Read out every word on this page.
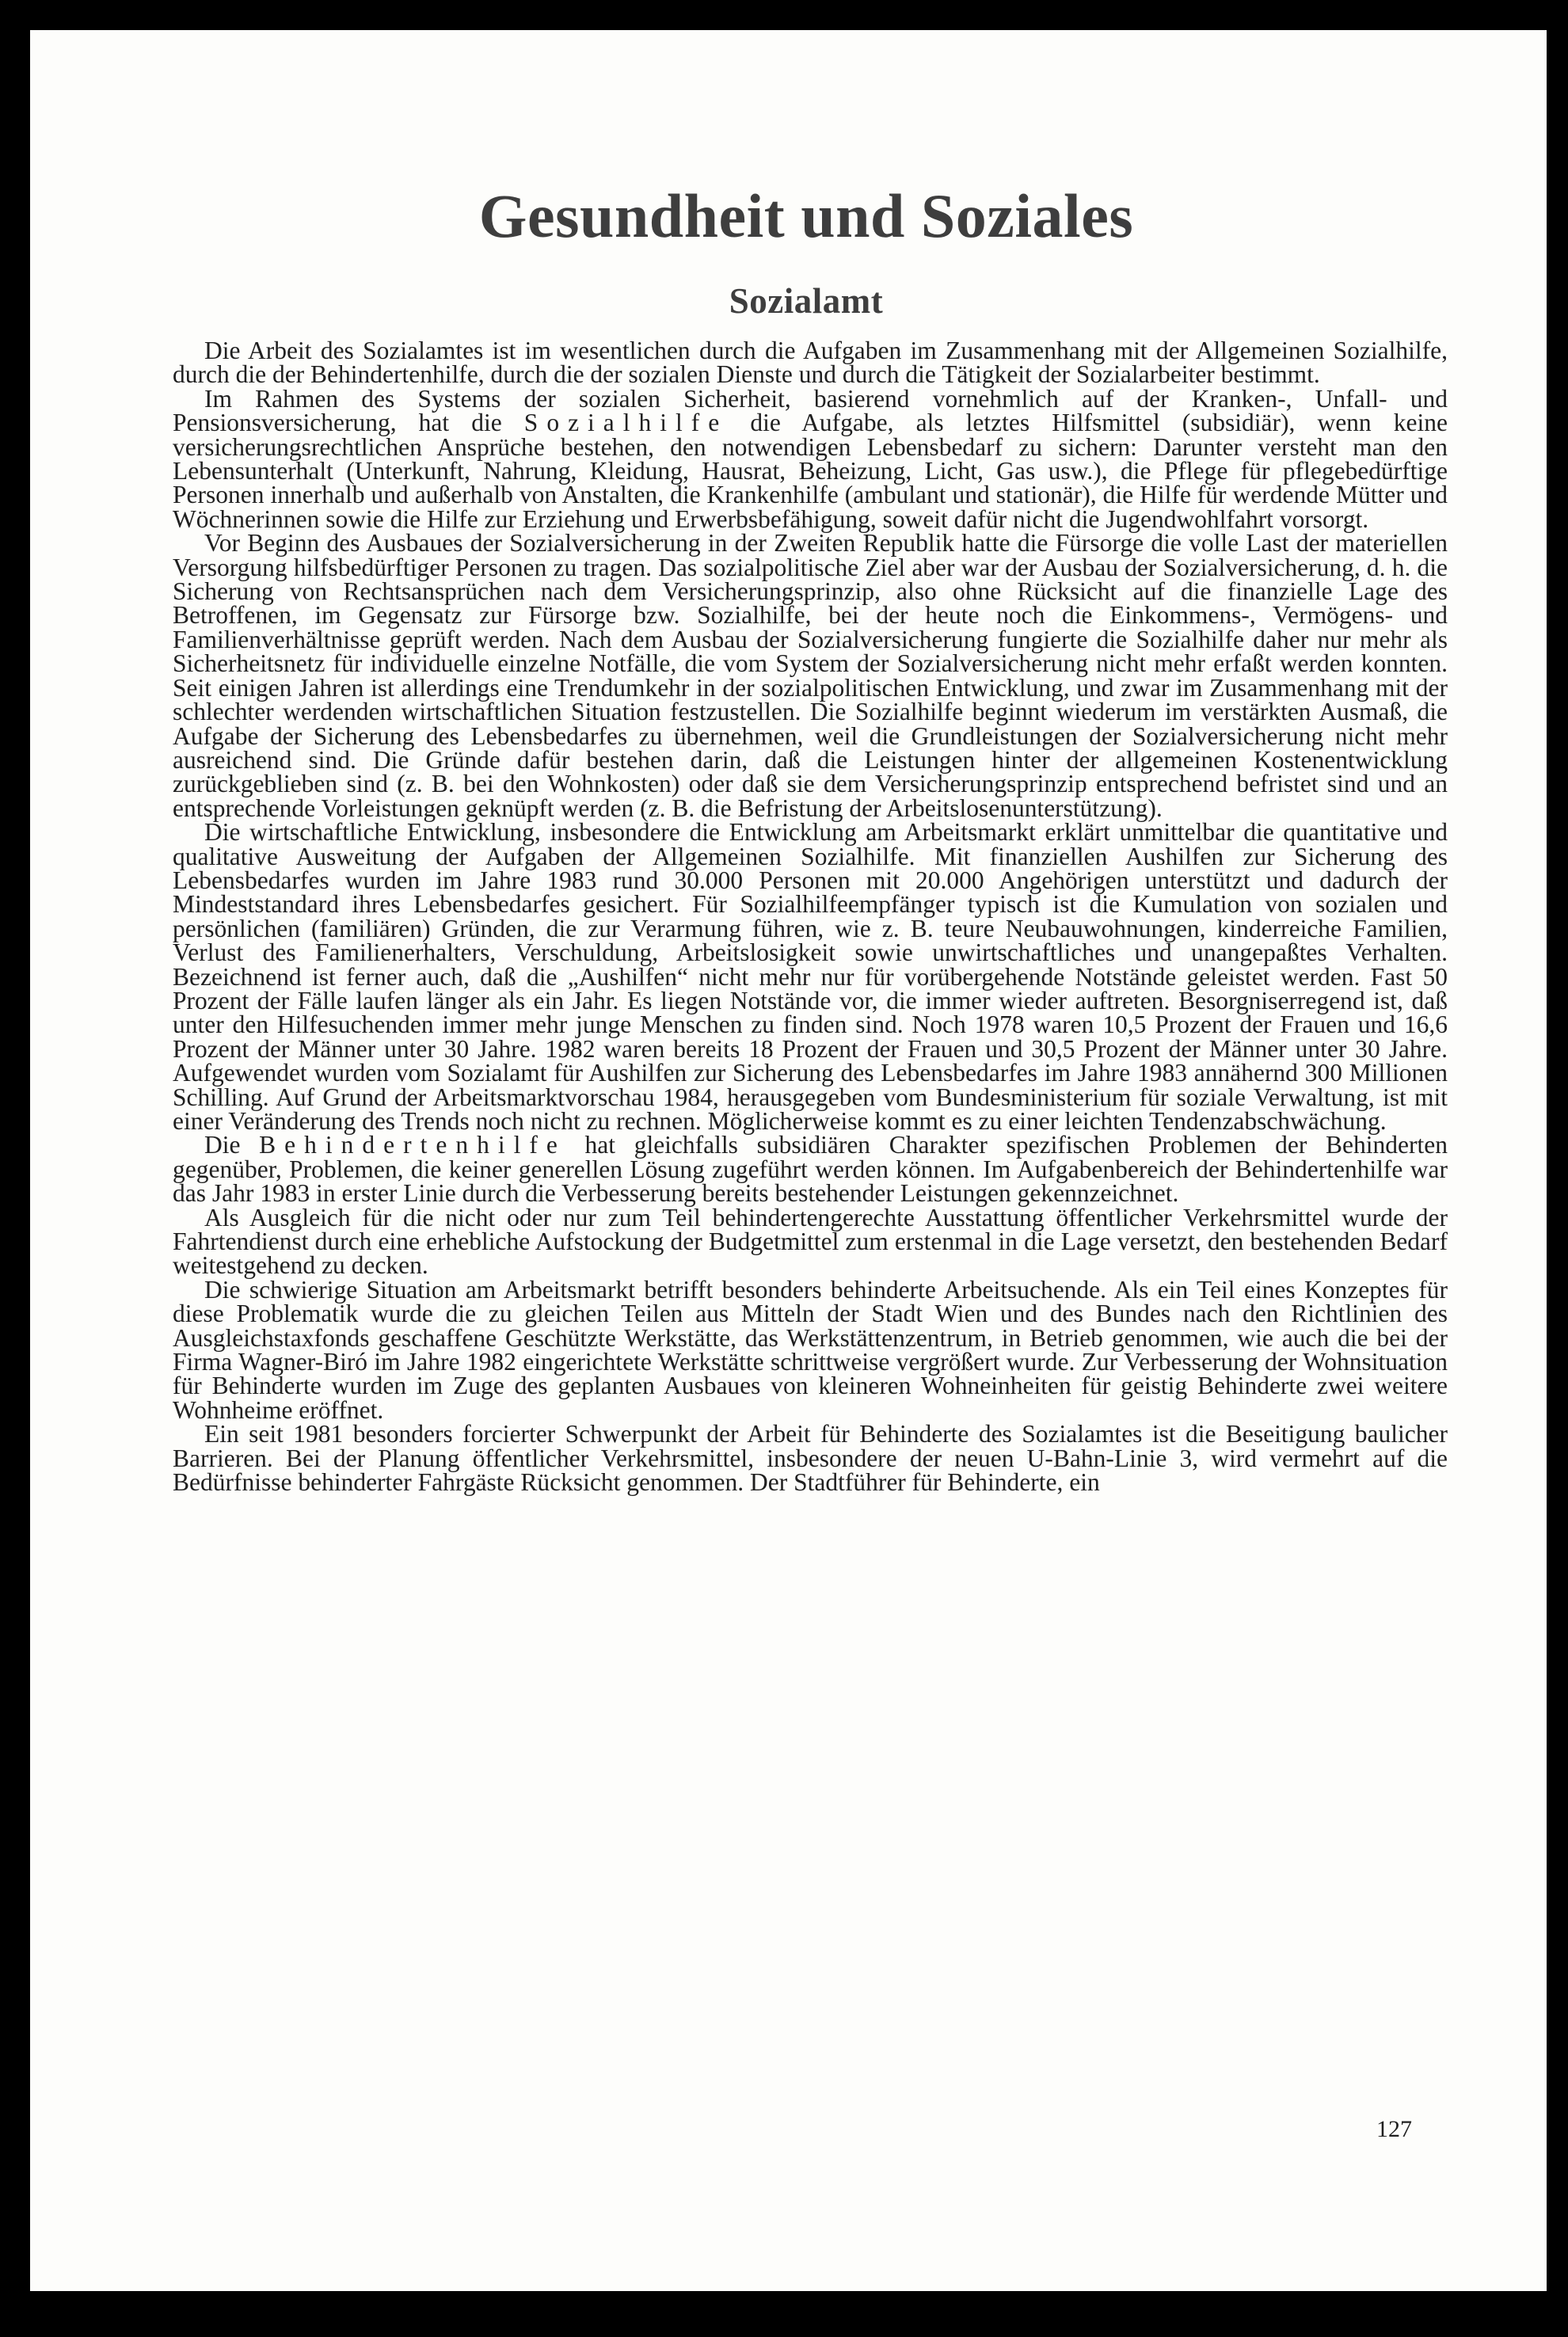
Gesundheit und Soziales
Sozialamt

Die Arbeit des Sozialamtes ist im wesentlichen durch die Aufgaben im Zusammenhang mit der Allgemeinen Sozialhilfe, durch die der Behindertenhilfe, durch die der sozialen Dienste und durch die Tätigkeit der Sozialarbeiter bestimmt.

Im Rahmen des Systems der sozialen Sicherheit, basierend vornehmlich auf der Kranken-, Unfall- und Pensionsversicherung, hat die Sozialhilfe die Aufgabe, als letztes Hilfsmittel (subsidiär), wenn keine versicherungsrechtlichen Ansprüche bestehen, den notwendigen Lebensbedarf zu sichern: Darunter versteht man den Lebensunterhalt (Unterkunft, Nahrung, Kleidung, Hausrat, Beheizung, Licht, Gas usw.), die Pflege für pflegebedürftige Personen innerhalb und außerhalb von Anstalten, die Krankenhilfe (ambulant und stationär), die Hilfe für werdende Mütter und Wöchnerinnen sowie die Hilfe zur Erziehung und Erwerbsbefähigung, soweit dafür nicht die Jugendwohlfahrt vorsorgt.

Vor Beginn des Ausbaues der Sozialversicherung in der Zweiten Republik hatte die Fürsorge die volle Last der materiellen Versorgung hilfsbedürftiger Personen zu tragen. Das sozialpolitische Ziel aber war der Ausbau der Sozialversicherung, d. h. die Sicherung von Rechtsansprüchen nach dem Versicherungsprinzip, also ohne Rücksicht auf die finanzielle Lage des Betroffenen, im Gegensatz zur Fürsorge bzw. Sozialhilfe, bei der heute noch die Einkommens-, Vermögens- und Familienverhältnisse geprüft werden. Nach dem Ausbau der Sozialversicherung fungierte die Sozialhilfe daher nur mehr als Sicherheitsnetz für individuelle einzelne Notfälle, die vom System der Sozialversicherung nicht mehr erfaßt werden konnten. Seit einigen Jahren ist allerdings eine Trendumkehr in der sozialpolitischen Entwicklung, und zwar im Zusammenhang mit der schlechter werdenden wirtschaftlichen Situation festzustellen. Die Sozialhilfe beginnt wiederum im verstärkten Ausmaß, die Aufgabe der Sicherung des Lebensbedarfes zu übernehmen, weil die Grundleistungen der Sozialversicherung nicht mehr ausreichend sind. Die Gründe dafür bestehen darin, daß die Leistungen hinter der allgemeinen Kostenentwicklung zurückgeblieben sind (z. B. bei den Wohnkosten) oder daß sie dem Versicherungsprinzip entsprechend befristet sind und an entsprechende Vorleistungen geknüpft werden (z. B. die Befristung der Arbeitslosenunterstützung).

Die wirtschaftliche Entwicklung, insbesondere die Entwicklung am Arbeitsmarkt erklärt unmittelbar die quantitative und qualitative Ausweitung der Aufgaben der Allgemeinen Sozialhilfe. Mit finanziellen Aushilfen zur Sicherung des Lebensbedarfes wurden im Jahre 1983 rund 30.000 Personen mit 20.000 Angehörigen unterstützt und dadurch der Mindeststandard ihres Lebensbedarfes gesichert. Für Sozialhilfeempfänger typisch ist die Kumulation von sozialen und persönlichen (familiären) Gründen, die zur Verarmung führen, wie z. B. teure Neubauwohnungen, kinderreiche Familien, Verlust des Familienerhalters, Verschuldung, Arbeitslosigkeit sowie unwirtschaftliches und unangepaßtes Verhalten. Bezeichnend ist ferner auch, daß die „Aushilfen“ nicht mehr nur für vorübergehende Notstände geleistet werden. Fast 50 Prozent der Fälle laufen länger als ein Jahr. Es liegen Notstände vor, die immer wieder auftreten. Besorgniserregend ist, daß unter den Hilfesuchenden immer mehr junge Menschen zu finden sind. Noch 1978 waren 10,5 Prozent der Frauen und 16,6 Prozent der Männer unter 30 Jahre. 1982 waren bereits 18 Prozent der Frauen und 30,5 Prozent der Männer unter 30 Jahre. Aufgewendet wurden vom Sozialamt für Aushilfen zur Sicherung des Lebensbedarfes im Jahre 1983 annähernd 300 Millionen Schilling. Auf Grund der Arbeitsmarktvorschau 1984, herausgegeben vom Bundesministerium für soziale Verwaltung, ist mit einer Veränderung des Trends noch nicht zu rechnen. Möglicherweise kommt es zu einer leichten Tendenzabschwächung.

Die Behindertenhilfe hat gleichfalls subsidiären Charakter spezifischen Problemen der Behinderten gegenüber, Problemen, die keiner generellen Lösung zugeführt werden können. Im Aufgabenbereich der Behindertenhilfe war das Jahr 1983 in erster Linie durch die Verbesserung bereits bestehender Leistungen gekennzeichnet.

Als Ausgleich für die nicht oder nur zum Teil behindertengerechte Ausstattung öffentlicher Verkehrsmittel wurde der Fahrtendienst durch eine erhebliche Aufstockung der Budgetmittel zum erstenmal in die Lage versetzt, den bestehenden Bedarf weitestgehend zu decken.

Die schwierige Situation am Arbeitsmarkt betrifft besonders behinderte Arbeitsuchende. Als ein Teil eines Konzeptes für diese Problematik wurde die zu gleichen Teilen aus Mitteln der Stadt Wien und des Bundes nach den Richtlinien des Ausgleichstaxfonds geschaffene Geschützte Werkstätte, das Werkstättenzentrum, in Betrieb genommen, wie auch die bei der Firma Wagner-Biró im Jahre 1982 eingerichtete Werkstätte schrittweise vergrößert wurde. Zur Verbesserung der Wohnsituation für Behinderte wurden im Zuge des geplanten Ausbaues von kleineren Wohneinheiten für geistig Behinderte zwei weitere Wohnheime eröffnet.

Ein seit 1981 besonders forcierter Schwerpunkt der Arbeit für Behinderte des Sozialamtes ist die Beseitigung baulicher Barrieren. Bei der Planung öffentlicher Verkehrsmittel, insbesondere der neuen U-Bahn-Linie 3, wird vermehrt auf die Bedürfnisse behinderter Fahrgäste Rücksicht genommen. Der Stadtführer für Behinderte, ein

127
